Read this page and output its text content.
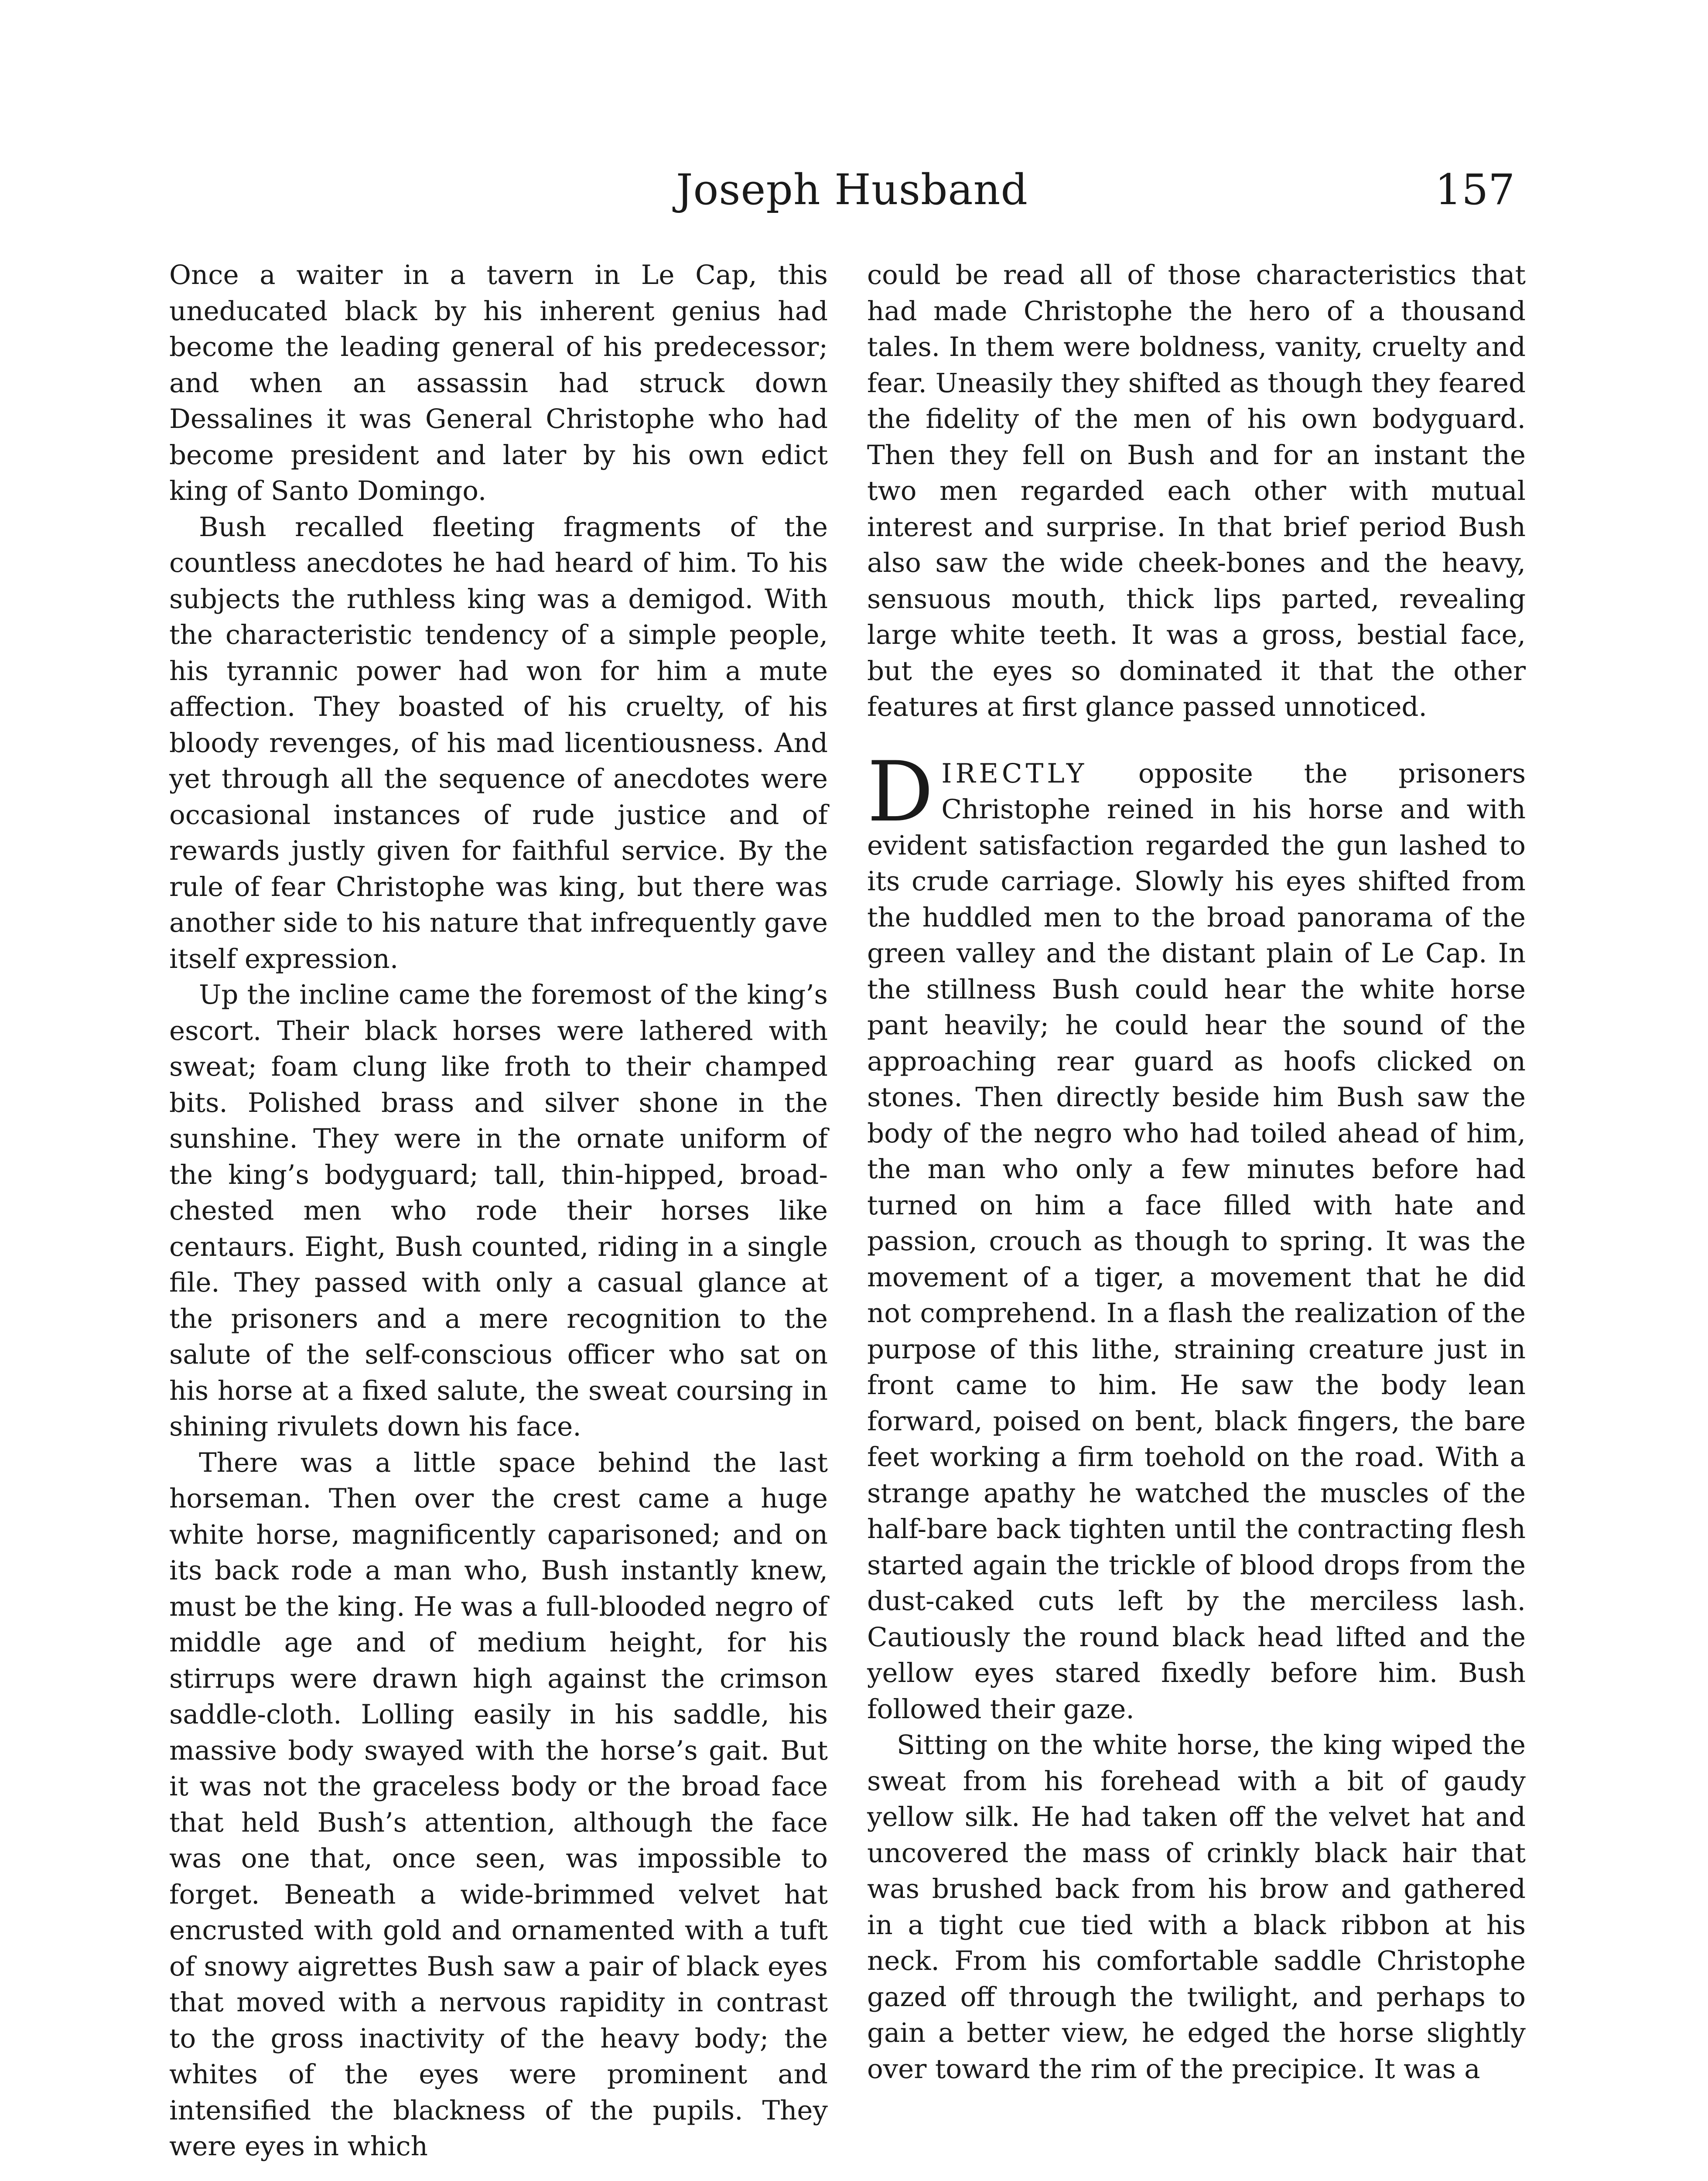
Joseph Husband	157

Once a waiter in a tavern in Le Cap, this uneducated black by his inherent genius had become the leading general of his predecessor; and when an assassin had struck down Dessalines it was General Christophe who had become president and later by his own edict king of Santo Domingo.

Bush recalled fleeting fragments of the countless anecdotes he had heard of him. To his subjects the ruthless king was a demigod. With the characteristic tendency of a simple people, his tyrannic power had won for him a mute affection. They boasted of his cruelty, of his bloody revenges, of his mad licentiousness. And yet through all the sequence of anecdotes were occasional instances of rude justice and of rewards justly given for faithful service. By the rule of fear Christophe was king, but there was another side to his nature that infrequently gave itself expression.

Up the incline came the foremost of the king’s escort. Their black horses were lathered with sweat; foam clung like froth to their champed bits. Polished brass and silver shone in the sunshine. They were in the ornate uniform of the king’s bodyguard; tall, thin-hipped, broad-chested men who rode their horses like centaurs. Eight, Bush counted, riding in a single file. They passed with only a casual glance at the prisoners and a mere recognition to the salute of the self-conscious officer who sat on his horse at a fixed salute, the sweat coursing in shining rivulets down his face.

There was a little space behind the last horseman. Then over the crest came a huge white horse, magnificently caparisoned; and on its back rode a man who, Bush instantly knew, must be the king. He was a full-blooded negro of middle age and of medium height, for his stirrups were drawn high against the crimson saddle-cloth. Lolling easily in his saddle, his massive body swayed with the horse’s gait. But it was not the graceless body or the broad face that held Bush’s attention, although the face was one that, once seen, was impossible to forget. Beneath a wide-brimmed velvet hat encrusted with gold and ornamented with a tuft of snowy aigrettes Bush saw a pair of black eyes that moved with a nervous rapidity in contrast to the gross inactivity of the heavy body; the whites of the eyes were prominent and intensified the blackness of the pupils. They were eyes in which

could be read all of those characteristics that had made Christophe the hero of a thousand tales. In them were boldness, vanity, cruelty and fear. Uneasily they shifted as though they feared the fidelity of the men of his own bodyguard. Then they fell on Bush and for an instant the two men regarded each other with mutual interest and surprise. In that brief period Bush also saw the wide cheek-bones and the heavy, sensuous mouth, thick lips parted, revealing large white teeth. It was a gross, bestial face, but the eyes so dominated it that the other features at first glance passed unnoticed.

DIRECTLY opposite the prisoners Christophe reined in his horse and with evident satisfaction regarded the gun lashed to its crude carriage. Slowly his eyes shifted from the huddled men to the broad panorama of the green valley and the distant plain of Le Cap. In the stillness Bush could hear the white horse pant heavily; he could hear the sound of the approaching rear guard as hoofs clicked on stones. Then directly beside him Bush saw the body of the negro who had toiled ahead of him, the man who only a few minutes before had turned on him a face filled with hate and passion, crouch as though to spring. It was the movement of a tiger, a movement that he did not comprehend. In a flash the realization of the purpose of this lithe, straining creature just in front came to him. He saw the body lean forward, poised on bent, black fingers, the bare feet working a firm toehold on the road. With a strange apathy he watched the muscles of the half-bare back tighten until the contracting flesh started again the trickle of blood drops from the dust-caked cuts left by the merciless lash. Cautiously the round black head lifted and the yellow eyes stared fixedly before him. Bush followed their gaze.

Sitting on the white horse, the king wiped the sweat from his forehead with a bit of gaudy yellow silk. He had taken off the velvet hat and uncovered the mass of crinkly black hair that was brushed back from his brow and gathered in a tight cue tied with a black ribbon at his neck. From his comfortable saddle Christophe gazed off through the twilight, and perhaps to gain a better view, he edged the horse slightly over toward the rim of the precipice. It was a
